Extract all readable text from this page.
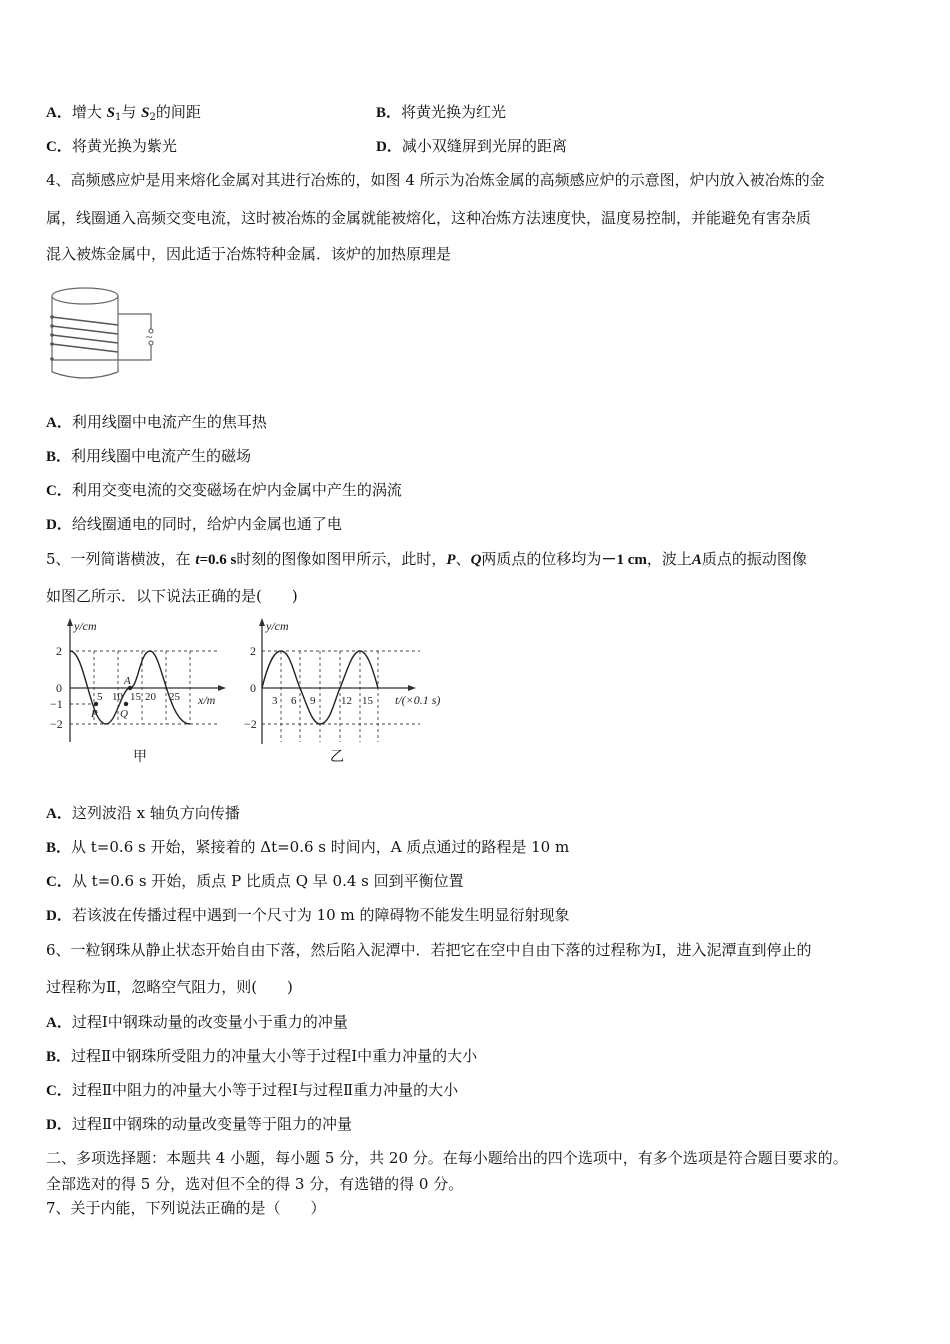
A．增大 $S_1$与 $S_2$的间距	B．将黄光换为红光
C．将黄光换为紫光	D．减小双缝屏到光屏的距离
4、高频感应炉是用来熔化金属对其进行冶炼的，如图 4 所示为冶炼金属的高频感应炉的示意图，炉内放入被冶炼的金
属，线圈通入高频交变电流，这时被冶炼的金属就能被熔化，这种冶炼方法速度快，温度易控制，并能避免有害杂质
混入被炼金属中，因此适于冶炼特种金属．该炉的加热原理是
~
A．利用线圈中电流产生的焦耳热
B．利用线圈中电流产生的磁场
C．利用交变电流的交变磁场在炉内金属中产生的涡流
D．给线圈通电的同时，给炉内金属也通了电
5、一列简谐横波，在 t=0.6 s时刻的图像如图甲所示，此时，P、Q两质点的位移均为－1 cm，波上A质点的振动图像
如图乙所示．以下说法正确的是(　　)
y/cm
2
0
−1
−2
5 10 15 20 25
A
P Q
x/m
甲
y/cm
2
0
−2
3 6 9 12 15 t/(×0.1 s)
乙
A．这列波沿 x 轴负方向传播
B．从 t=0.6 s 开始，紧接着的 Δt=0.6 s 时间内，A 质点通过的路程是 10 m
C．从 t=0.6 s 开始，质点 P 比质点 Q 早 0.4 s 回到平衡位置
D．若该波在传播过程中遇到一个尺寸为 10 m 的障碍物不能发生明显衍射现象
6、一粒钢珠从静止状态开始自由下落，然后陷入泥潭中．若把它在空中自由下落的过程称为Ⅰ，进入泥潭直到停止的
过程称为Ⅱ，忽略空气阻力，则(　　)
A．过程Ⅰ中钢珠动量的改变量小于重力的冲量
B．过程Ⅱ中钢珠所受阻力的冲量大小等于过程Ⅰ中重力冲量的大小
C．过程Ⅱ中阻力的冲量大小等于过程Ⅰ与过程Ⅱ重力冲量的大小
D．过程Ⅱ中钢珠的动量改变量等于阻力的冲量
二、多项选择题：本题共 4 小题，每小题 5 分，共 20 分。在每小题给出的四个选项中，有多个选项是符合题目要求的。
全部选对的得 5 分，选对但不全的得 3 分，有选错的得 0 分。
7、关于内能，下列说法正确的是（　　）
